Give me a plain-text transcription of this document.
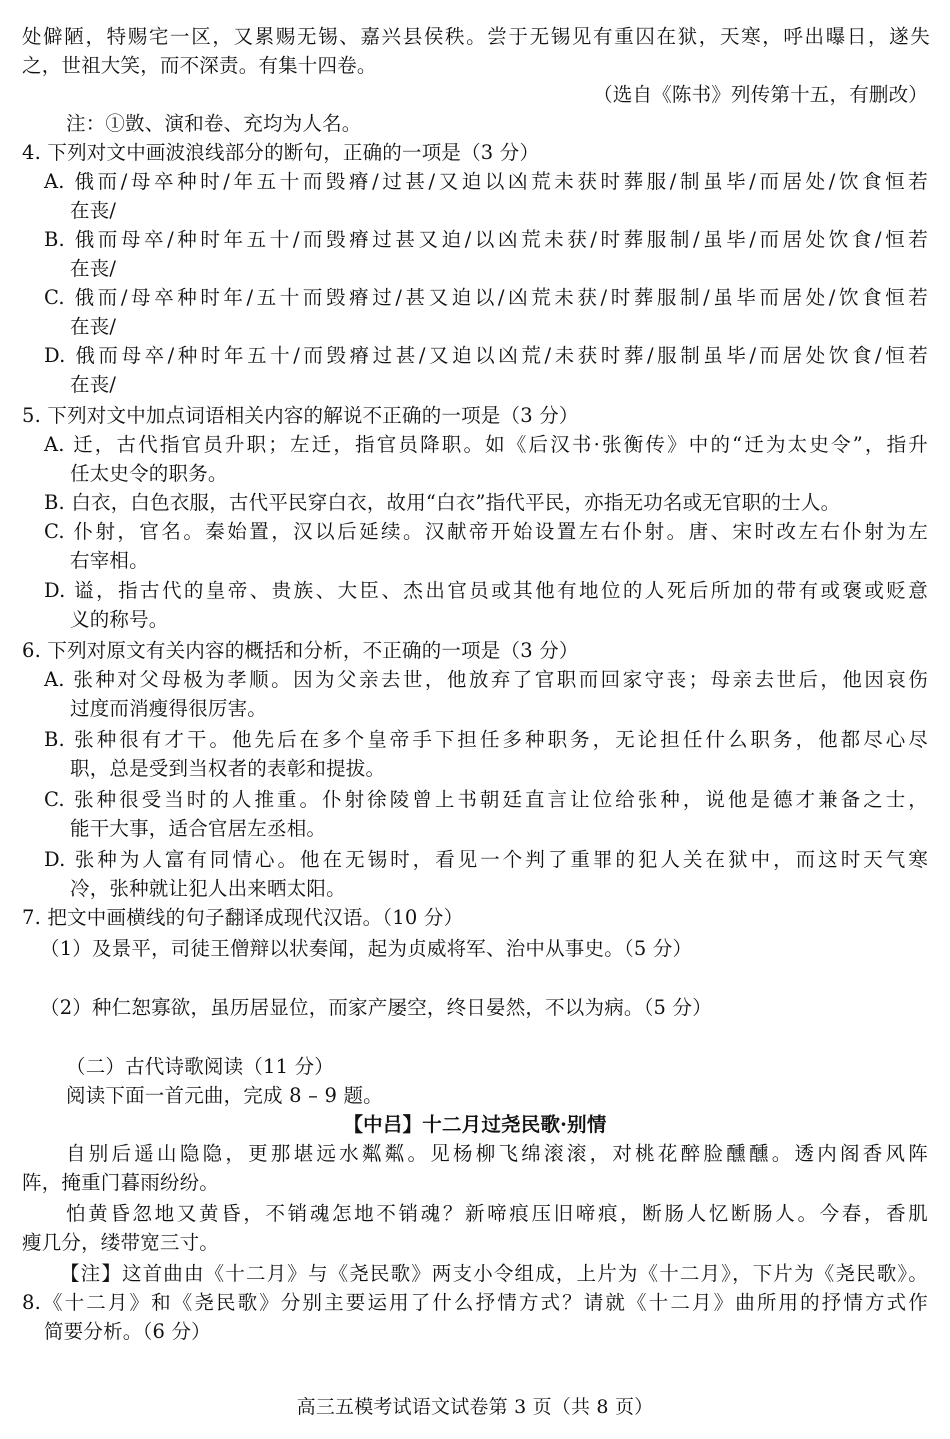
处僻陋，特赐宅一区，又累赐无锡、嘉兴县侯秩。尝于无锡见有重囚在狱，天寒，呼出曝日，遂失
之，世祖大笑，而不深责。有集十四卷。
（选自《陈书》列传第十五，有删改）
注：①敳、演和卷、充均为人名。
4. 下列对文中画波浪线部分的断句，正确的一项是（3 分）
A. 俄而/母卒种时/年五十而毁瘠/过甚/又迫以凶荒未获时葬服/制虽毕/而居处/饮食恒若
在丧/
B. 俄而母卒/种时年五十/而毁瘠过甚又迫/以凶荒未获/时葬服制/虽毕/而居处饮食/恒若
在丧/
C. 俄而/母卒种时年/五十而毁瘠过/甚又迫以/凶荒未获/时葬服制/虽毕而居处/饮食恒若
在丧/
D. 俄而母卒/种时年五十/而毁瘠过甚/又迫以凶荒/未获时葬/服制虽毕/而居处饮食/恒若
在丧/
5. 下列对文中加点词语相关内容的解说不正确的一项是（3 分）
A. 迁，古代指官员升职；左迁，指官员降职。如《后汉书·张衡传》中的“迁为太史令”，指升
任太史令的职务。
B. 白衣，白色衣服，古代平民穿白衣，故用“白衣”指代平民，亦指无功名或无官职的士人。
C. 仆射，官名。秦始置，汉以后延续。汉献帝开始设置左右仆射。唐、宋时改左右仆射为左
右宰相。
D. 谥，指古代的皇帝、贵族、大臣、杰出官员或其他有地位的人死后所加的带有或褒或贬意
义的称号。
6. 下列对原文有关内容的概括和分析，不正确的一项是（3 分）
A. 张种对父母极为孝顺。因为父亲去世，他放弃了官职而回家守丧；母亲去世后，他因哀伤
过度而消瘦得很厉害。
B. 张种很有才干。他先后在多个皇帝手下担任多种职务，无论担任什么职务，他都尽心尽
职，总是受到当权者的表彰和提拔。
C. 张种很受当时的人推重。仆射徐陵曾上书朝廷直言让位给张种，说他是德才兼备之士，
能干大事，适合官居左丞相。
D. 张种为人富有同情心。他在无锡时，看见一个判了重罪的犯人关在狱中，而这时天气寒
冷，张种就让犯人出来晒太阳。
7. 把文中画横线的句子翻译成现代汉语。（10 分）
（1）及景平，司徒王僧辩以状奏闻，起为贞威将军、治中从事史。（5 分）
（2）种仁恕寡欲，虽历居显位，而家产屡空，终日晏然，不以为病。（5 分）
（二）古代诗歌阅读（11 分）
阅读下面一首元曲，完成 8 – 9 题。
【中吕】十二月过尧民歌·别情
自别后遥山隐隐，更那堪远水粼粼。见杨柳飞绵滚滚，对桃花醉脸醺醺。透内阁香风阵
阵，掩重门暮雨纷纷。
怕黄昏忽地又黄昏，不销魂怎地不销魂？新啼痕压旧啼痕，断肠人忆断肠人。今春，香肌
瘦几分，缕带宽三寸。
【注】这首曲由《十二月》与《尧民歌》两支小令组成，上片为《十二月》，下片为《尧民歌》。
8.《十二月》和《尧民歌》分别主要运用了什么抒情方式？请就《十二月》曲所用的抒情方式作
简要分析。（6 分）
高三五模考试语文试卷第 3 页（共 8 页）
